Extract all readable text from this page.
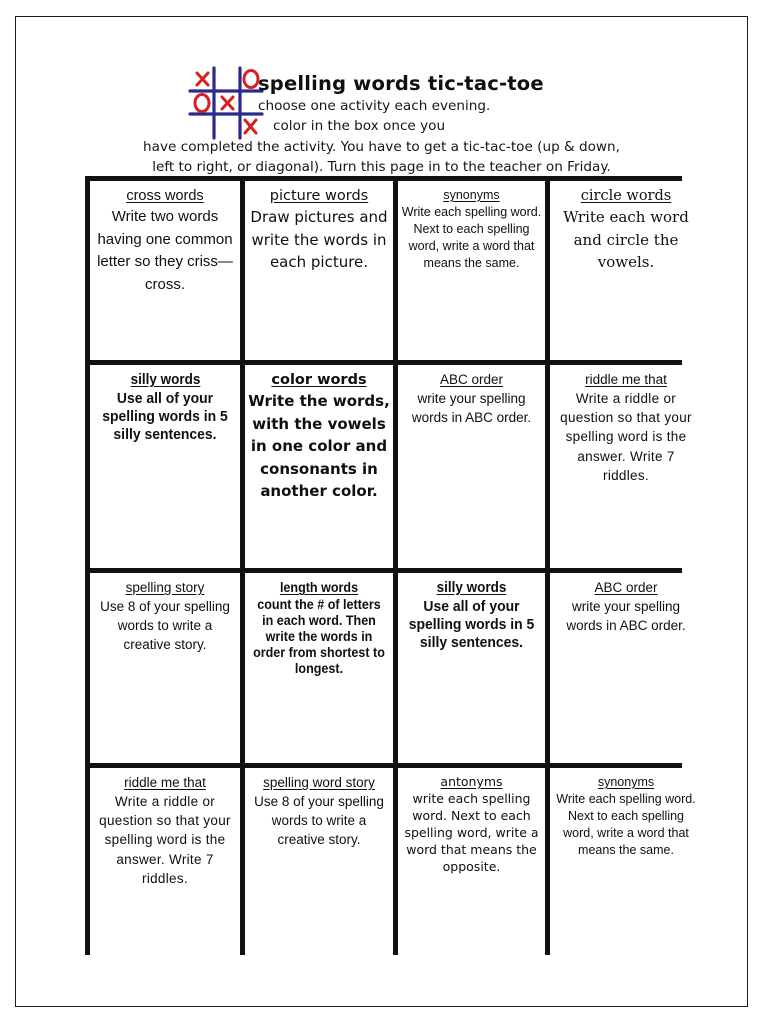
spelling words tic-tac-toe
choose one activity each evening.
color in the box once you
have completed the activity. You have to get a tic-tac-toe (up & down,
left to right, or diagonal). Turn this page in to the teacher on Friday.
cross words
Write two words having one common letter so they criss—cross.
picture words
Draw pictures and write the words in each picture.
synonyms
Write each spelling word. Next to each spelling word, write a word that means the same.
circle words
Write each word and circle the vowels.
silly words
Use all of your spelling words in 5 silly sentences.
color words
Write the words, with the vowels in one color and consonants in another color.
ABC order
write your spelling words in ABC order.
riddle me that
Write a riddle or question so that your spelling word is the answer. Write 7 riddles.
spelling story
Use 8 of your spelling words to write a creative story.
length words
count the # of letters in each word. Then write the words in order from shortest to longest.
silly words
Use all of your spelling words in 5 silly sentences.
ABC order
write your spelling words in ABC order.
riddle me that
Write a riddle or question so that your spelling word is the answer. Write 7 riddles.
spelling word story
Use 8 of your spelling words to write a creative story.
antonyms
write each spelling word. Next to each spelling word, write a word that means the opposite.
synonyms
Write each spelling word. Next to each spelling word, write a word that means the same.
